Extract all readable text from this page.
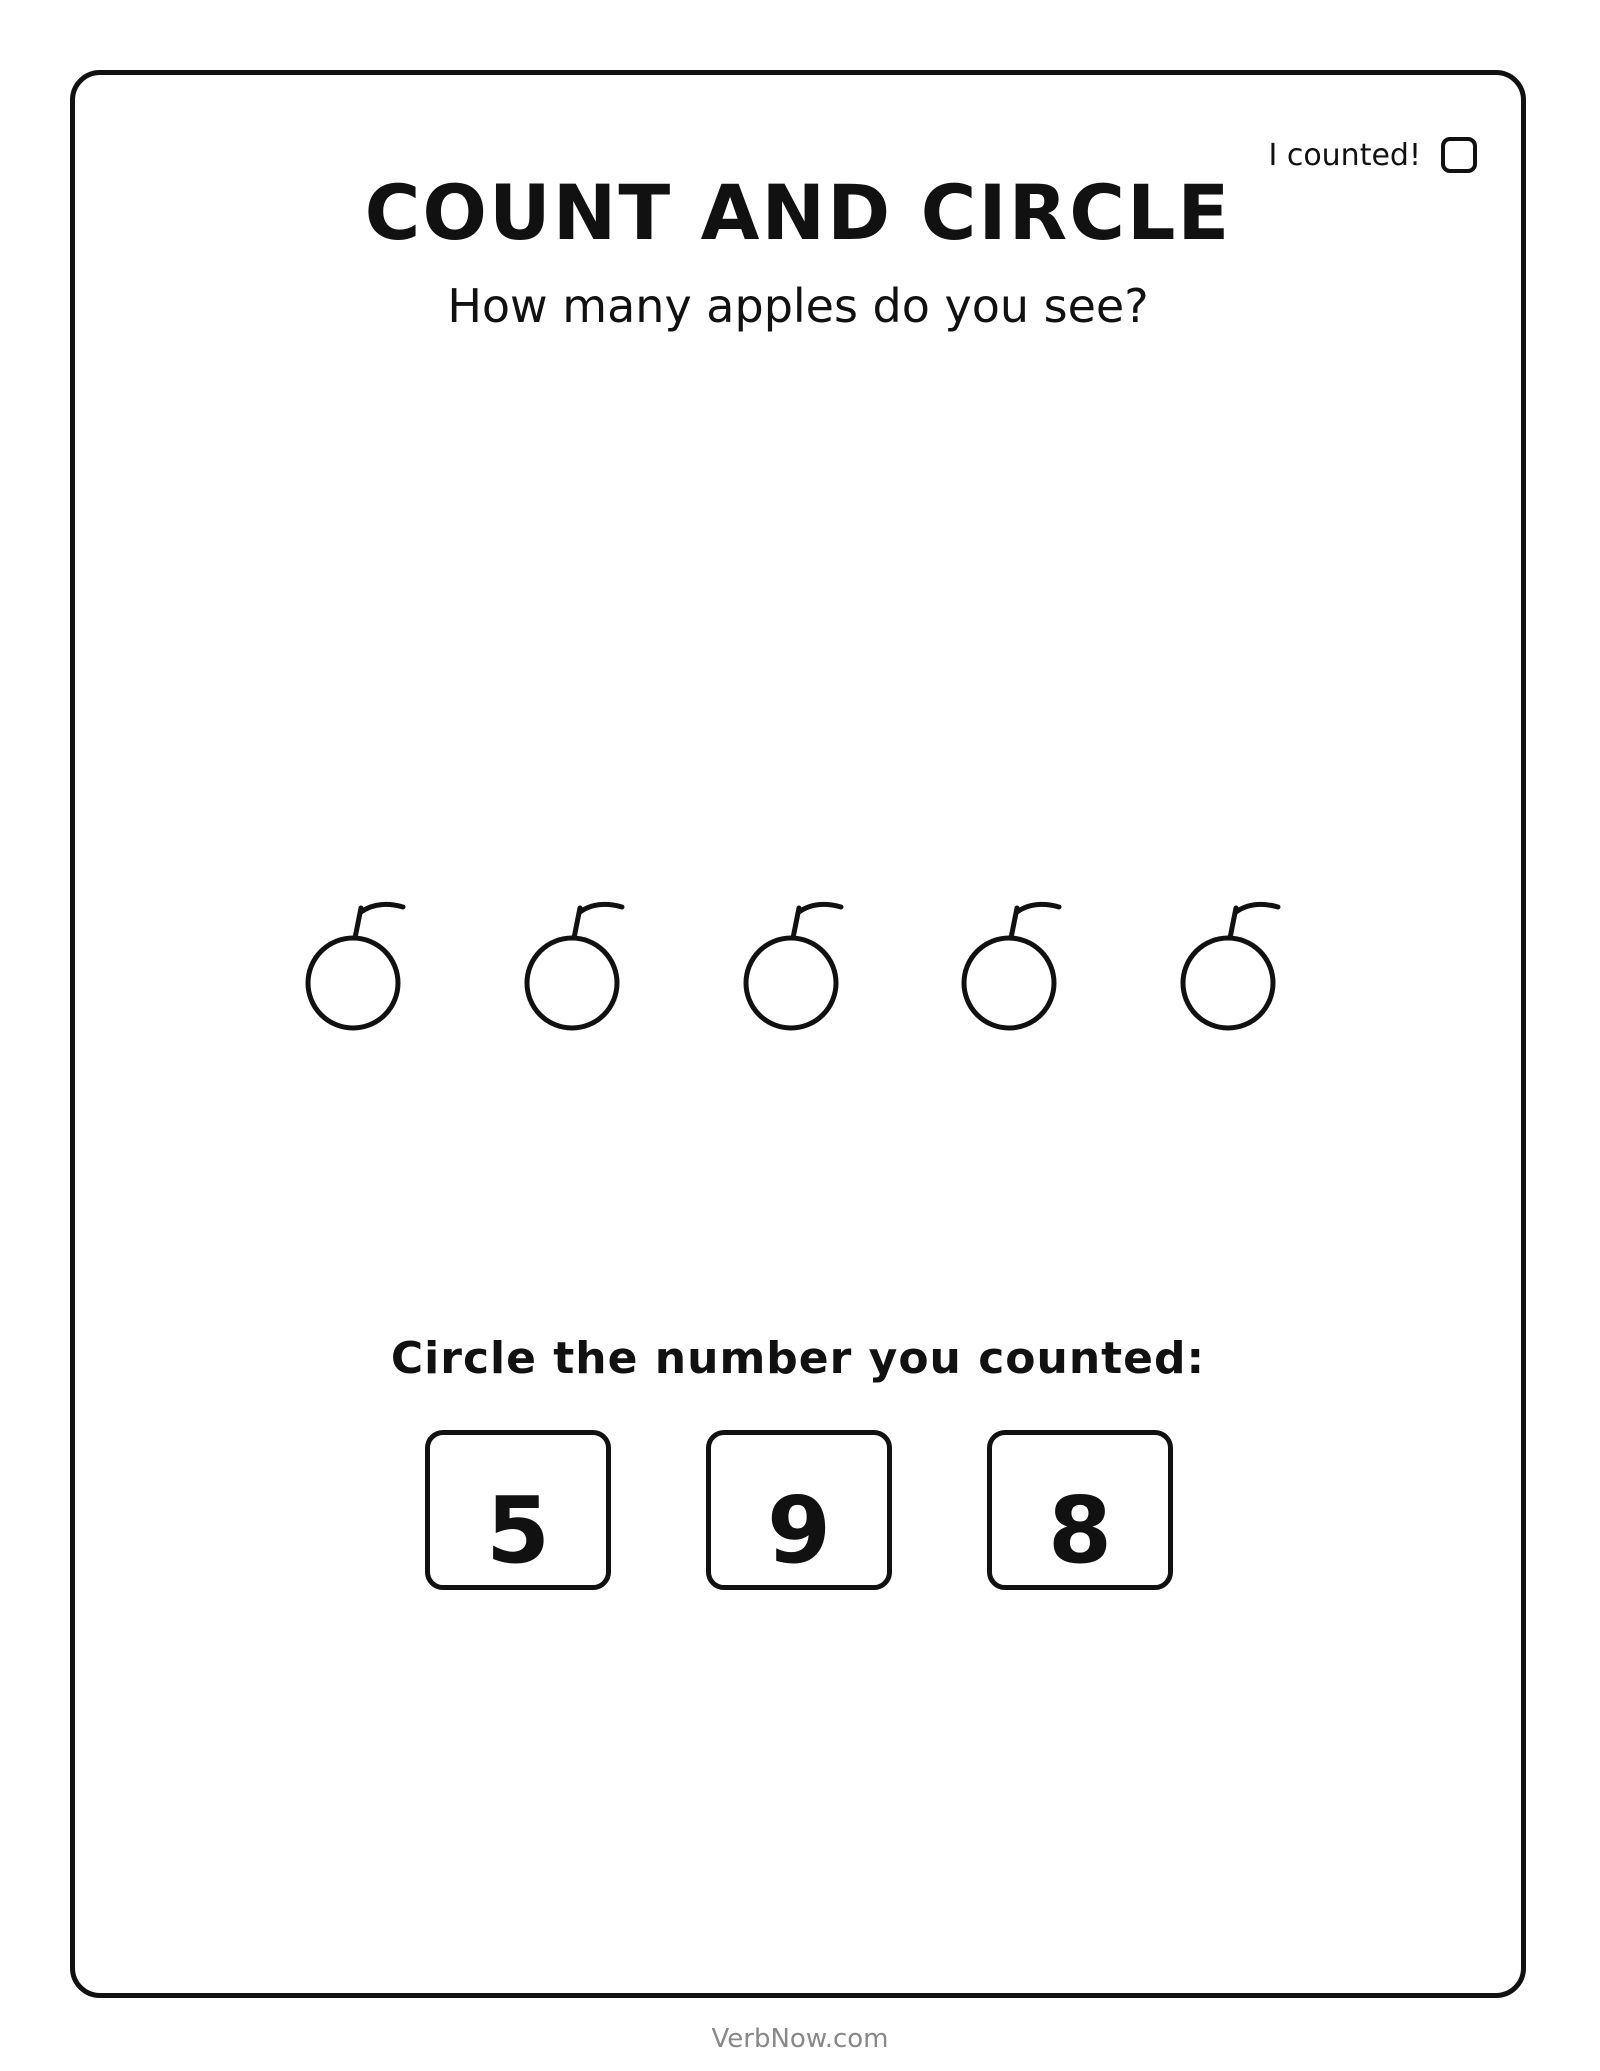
I counted!
COUNT AND CIRCLE
How many apples do you see?
Circle the number you counted:
5	9	8
VerbNow.com
